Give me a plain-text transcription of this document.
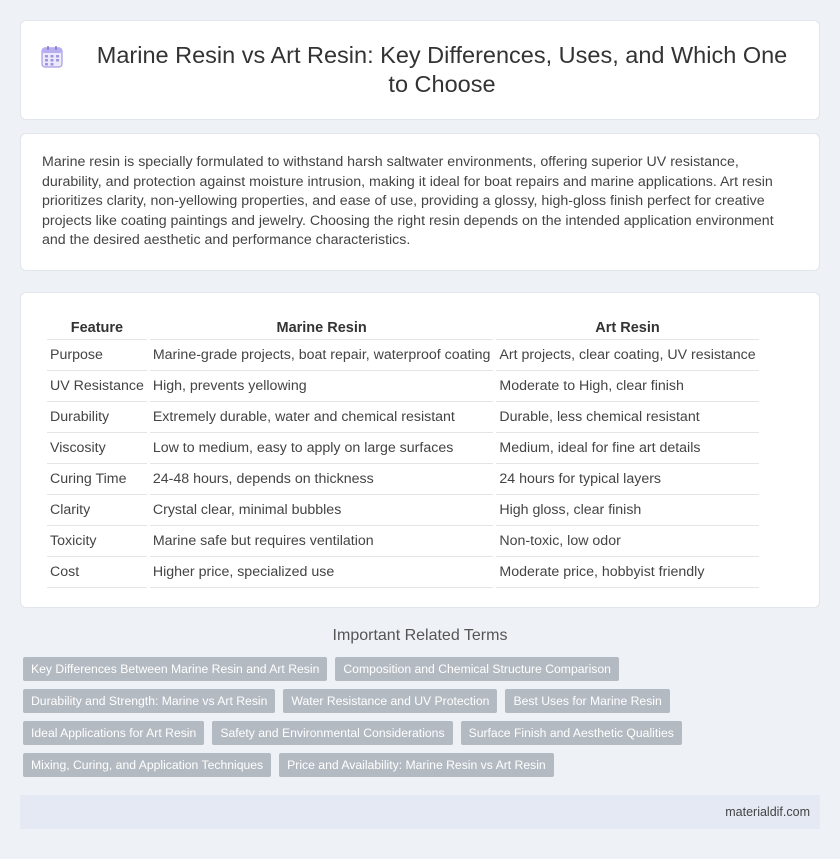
Marine Resin vs Art Resin: Key Differences, Uses, and Which One to Choose

Marine resin is specially formulated to withstand harsh saltwater environments, offering superior UV resistance, durability, and protection against moisture intrusion, making it ideal for boat repairs and marine applications. Art resin prioritizes clarity, non-yellowing properties, and ease of use, providing a glossy, high-gloss finish perfect for creative projects like coating paintings and jewelry. Choosing the right resin depends on the intended application environment and the desired aesthetic and performance characteristics.

Feature	Marine Resin	Art Resin
Purpose	Marine-grade projects, boat repair, waterproof coating	Art projects, clear coating, UV resistance
UV Resistance	High, prevents yellowing	Moderate to High, clear finish
Durability	Extremely durable, water and chemical resistant	Durable, less chemical resistant
Viscosity	Low to medium, easy to apply on large surfaces	Medium, ideal for fine art details
Curing Time	24-48 hours, depends on thickness	24 hours for typical layers
Clarity	Crystal clear, minimal bubbles	High gloss, clear finish
Toxicity	Marine safe but requires ventilation	Non-toxic, low odor
Cost	Higher price, specialized use	Moderate price, hobbyist friendly
Important Related Terms
Key Differences Between Marine Resin and Art Resin	Composition and Chemical Structure Comparison
Durability and Strength: Marine vs Art Resin	Water Resistance and UV Protection	Best Uses for Marine Resin
Ideal Applications for Art Resin	Safety and Environmental Considerations	Surface Finish and Aesthetic Qualities
Mixing, Curing, and Application Techniques	Price and Availability: Marine Resin vs Art Resin
materialdif.com
